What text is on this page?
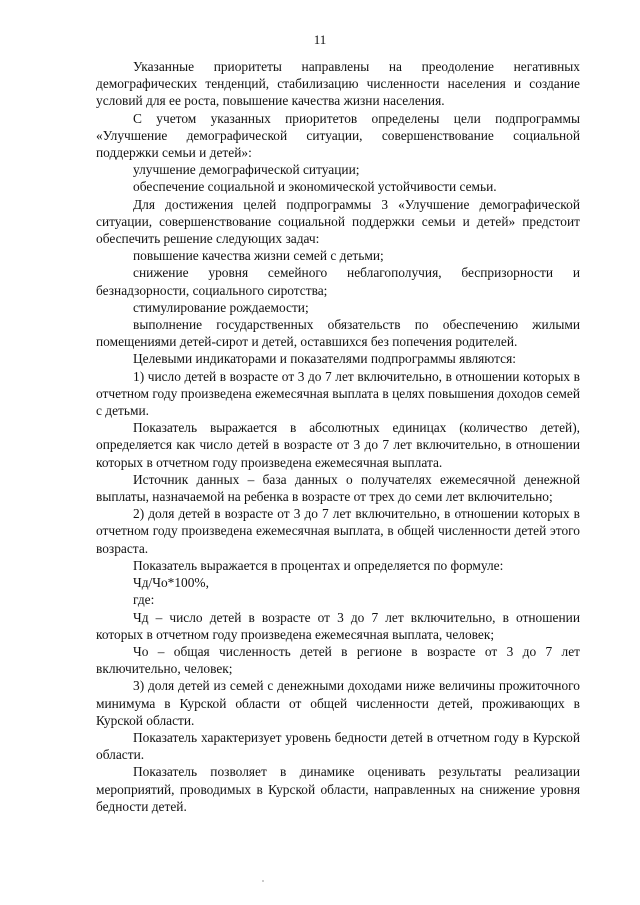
11

Указанные приоритеты направлены на преодоление негативных демографических тенденций, стабилизацию численности населения и создание условий для ее роста, повышение качества жизни населения.

С учетом указанных приоритетов определены цели подпрограммы «Улучшение демографической ситуации, совершенствование социальной поддержки семьи и детей»:

улучшение демографической ситуации;

обеспечение социальной и экономической устойчивости семьи.

Для достижения целей подпрограммы 3 «Улучшение демографической ситуации, совершенствование социальной поддержки семьи и детей» предстоит обеспечить решение следующих задач:

повышение качества жизни семей с детьми;

снижение уровня семейного неблагополучия, беспризорности и безнадзорности, социального сиротства;

стимулирование рождаемости;

выполнение государственных обязательств по обеспечению жилыми помещениями детей-сирот и детей, оставшихся без попечения родителей.

Целевыми индикаторами и показателями подпрограммы являются:

1) число детей в возрасте от 3 до 7 лет включительно, в отношении которых в отчетном году произведена ежемесячная выплата в целях повышения доходов семей с детьми.

Показатель выражается в абсолютных единицах (количество детей), определяется как число детей в возрасте от 3 до 7 лет включительно, в отношении которых в отчетном году произведена ежемесячная выплата.

Источник данных – база данных о получателях ежемесячной денежной выплаты, назначаемой на ребенка в возрасте от трех до семи лет включительно;

2) доля детей в возрасте от 3 до 7 лет включительно, в отношении которых в отчетном году произведена ежемесячная выплата, в общей численности детей этого возраста.

Показатель выражается в процентах и определяется по формуле:

Чд/Чо*100%,

где:

Чд – число детей в возрасте от 3 до 7 лет включительно, в отношении которых в отчетном году произведена ежемесячная выплата, человек;

Чо – общая численность детей в регионе в возрасте от 3 до 7 лет включительно, человек;

3) доля детей из семей с денежными доходами ниже величины прожиточного минимума в Курской области от общей численности детей, проживающих в Курской области.

Показатель характеризует уровень бедности детей в отчетном году в Курской области.

Показатель позволяет в динамике оценивать результаты реализации мероприятий, проводимых в Курской области, направленных на снижение уровня бедности детей.
